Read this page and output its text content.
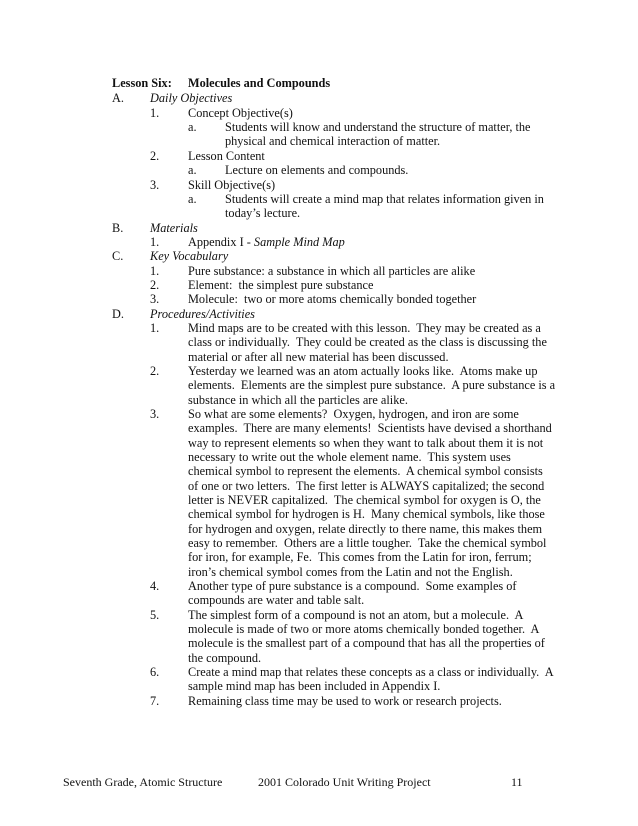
Lesson Six: Molecules and Compounds
A. Daily Objectives
1. Concept Objective(s)
a. Students will know and understand the structure of matter, the
physical and chemical interaction of matter.
2. Lesson Content
a. Lecture on elements and compounds.
3. Skill Objective(s)
a. Students will create a mind map that relates information given in
today’s lecture.
B. Materials
1. Appendix I - Sample Mind Map
C. Key Vocabulary
1. Pure substance: a substance in which all particles are alike
2. Element:  the simplest pure substance
3. Molecule:  two or more atoms chemically bonded together
D. Procedures/Activities
1. Mind maps are to be created with this lesson.  They may be created as a
class or individually.  They could be created as the class is discussing the
material or after all new material has been discussed.
2. Yesterday we learned was an atom actually looks like.  Atoms make up
elements.  Elements are the simplest pure substance.  A pure substance is a
substance in which all the particles are alike.
3. So what are some elements?  Oxygen, hydrogen, and iron are some
examples.  There are many elements!  Scientists have devised a shorthand
way to represent elements so when they want to talk about them it is not
necessary to write out the whole element name.  This system uses
chemical symbol to represent the elements.  A chemical symbol consists
of one or two letters.  The first letter is ALWAYS capitalized; the second
letter is NEVER capitalized.  The chemical symbol for oxygen is O, the
chemical symbol for hydrogen is H.  Many chemical symbols, like those
for hydrogen and oxygen, relate directly to there name, this makes them
easy to remember.  Others are a little tougher.  Take the chemical symbol
for iron, for example, Fe.  This comes from the Latin for iron, ferrum;
iron’s chemical symbol comes from the Latin and not the English.
4. Another type of pure substance is a compound.  Some examples of
compounds are water and table salt.
5. The simplest form of a compound is not an atom, but a molecule.  A
molecule is made of two or more atoms chemically bonded together.  A
molecule is the smallest part of a compound that has all the properties of
the compound.
6. Create a mind map that relates these concepts as a class or individually.  A
sample mind map has been included in Appendix I.
7. Remaining class time may be used to work or research projects.
Seventh Grade, Atomic Structure	2001 Colorado Unit Writing Project	11
